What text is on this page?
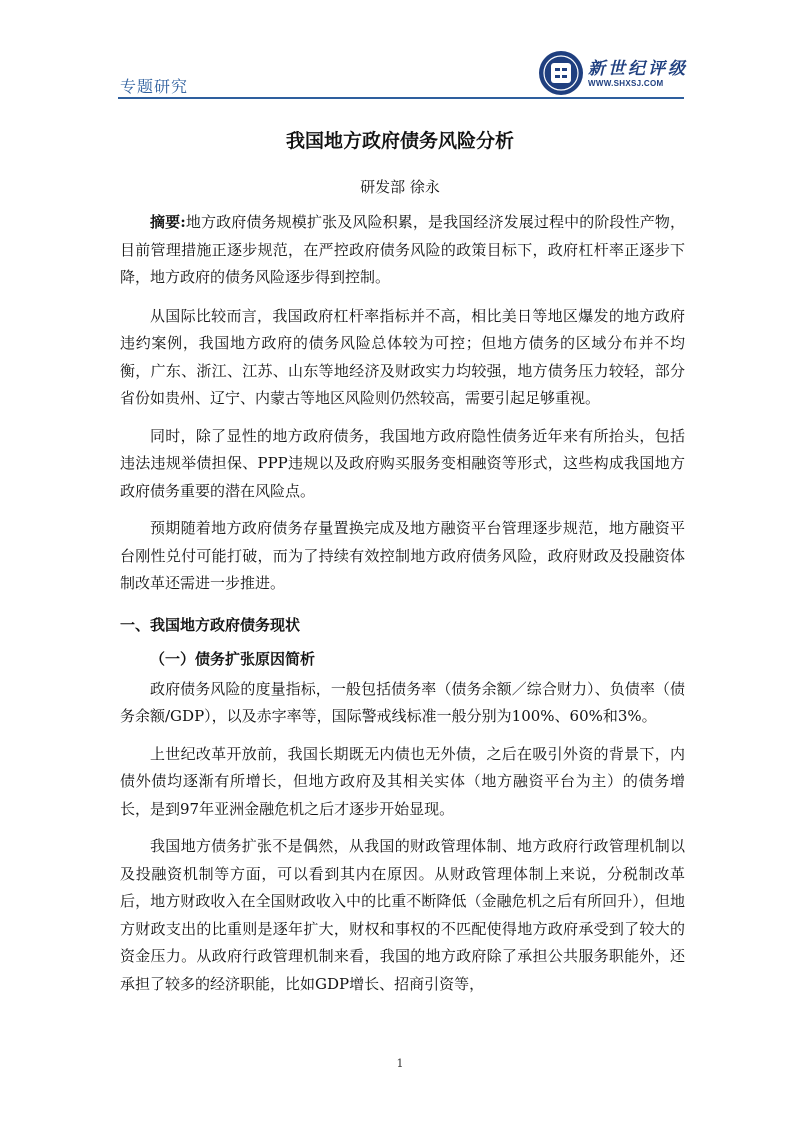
专题研究
新世纪评级
WWW.SHXSJ.COM
我国地方政府债务风险分析
研发部 徐永

摘要:地方政府债务规模扩张及风险积累，是我国经济发展过程中的阶段性产物，目前管理措施正逐步规范，在严控政府债务风险的政策目标下，政府杠杆率正逐步下降，地方政府的债务风险逐步得到控制。

从国际比较而言，我国政府杠杆率指标并不高，相比美日等地区爆发的地方政府违约案例，我国地方政府的债务风险总体较为可控；但地方债务的区域分布并不均衡，广东、浙江、江苏、山东等地经济及财政实力均较强，地方债务压力较轻，部分省份如贵州、辽宁、内蒙古等地区风险则仍然较高，需要引起足够重视。

同时，除了显性的地方政府债务，我国地方政府隐性债务近年来有所抬头，包括违法违规举债担保、PPP违规以及政府购买服务变相融资等形式，这些构成我国地方政府债务重要的潜在风险点。

预期随着地方政府债务存量置换完成及地方融资平台管理逐步规范，地方融资平台刚性兑付可能打破，而为了持续有效控制地方政府债务风险，政府财政及投融资体制改革还需进一步推进。

一、我国地方政府债务现状
（一）债务扩张原因简析

政府债务风险的度量指标，一般包括债务率（债务余额／综合财力）、负债率（债务余额/GDP），以及赤字率等，国际警戒线标准一般分别为100%、60%和3%。

上世纪改革开放前，我国长期既无内债也无外债，之后在吸引外资的背景下，内债外债均逐渐有所增长，但地方政府及其相关实体（地方融资平台为主）的债务增长，是到97年亚洲金融危机之后才逐步开始显现。

我国地方债务扩张不是偶然，从我国的财政管理体制、地方政府行政管理机制以及投融资机制等方面，可以看到其内在原因。从财政管理体制上来说，分税制改革后，地方财政收入在全国财政收入中的比重不断降低（金融危机之后有所回升），但地方财政支出的比重则是逐年扩大，财权和事权的不匹配使得地方政府承受到了较大的资金压力。从政府行政管理机制来看，我国的地方政府除了承担公共服务职能外，还承担了较多的经济职能，比如GDP增长、招商引资等，

1
